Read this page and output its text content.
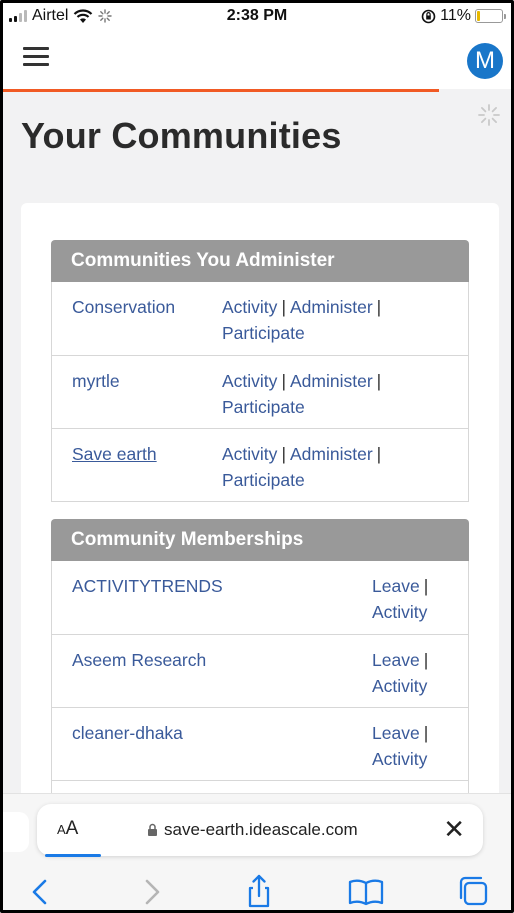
Airtel	2:38 PM	11%
M
Your Communities
Communities You Administer
Conservation	Activity | Administer |
Participate
myrtle	Activity | Administer |
Participate
Save earth	Activity | Administer |
Participate
Community Memberships
ACTIVITYTRENDS	Leave |
Activity
Aseem Research	Leave |
Activity
cleaner-dhaka	Leave |
Activity
AA	save-earth.ideascale.com	✕
